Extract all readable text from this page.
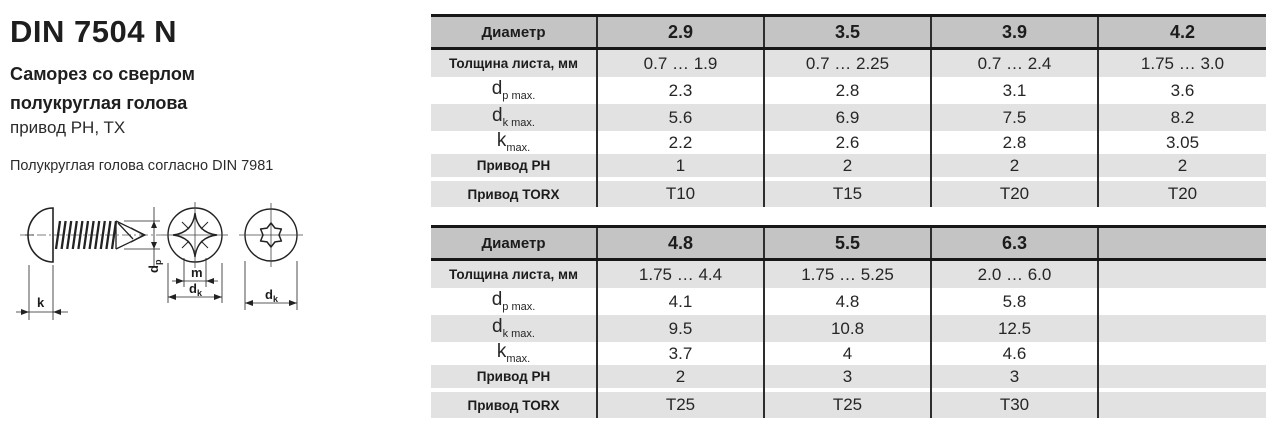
DIN 7504 N
Саморез со сверлом
полукруглая голова
привод PH, TX
Полукруглая голова согласно DIN 7981
$d_p$
k
m
$d_k$	$d_k$
Диаметр	2.9	3.5	3.9	4.2
Толщина листа, мм	0.7 … 1.9	0.7 … 2.25	0.7 … 2.4	1.75 … 3.0
$d_{p max.}$	2.3	2.8	3.1	3.6
$d_{k max.}$	5.6	6.9	7.5	8.2
$k_{max.}$	2.2	2.6	2.8	3.05
Привод PH	1	2	2	2

Привод TORX	T10	T15	T20	T20
Диаметр	4.8	5.5	6.3	
Толщина листа, мм	1.75 … 4.4	1.75 … 5.25	2.0 … 6.0	
$d_{p max.}$	4.1	4.8	5.8	
$d_{k max.}$	9.5	10.8	12.5	
$k_{max.}$	3.7	4	4.6	
Привод PH	2	3	3	

Привод TORX	T25	T25	T30	
